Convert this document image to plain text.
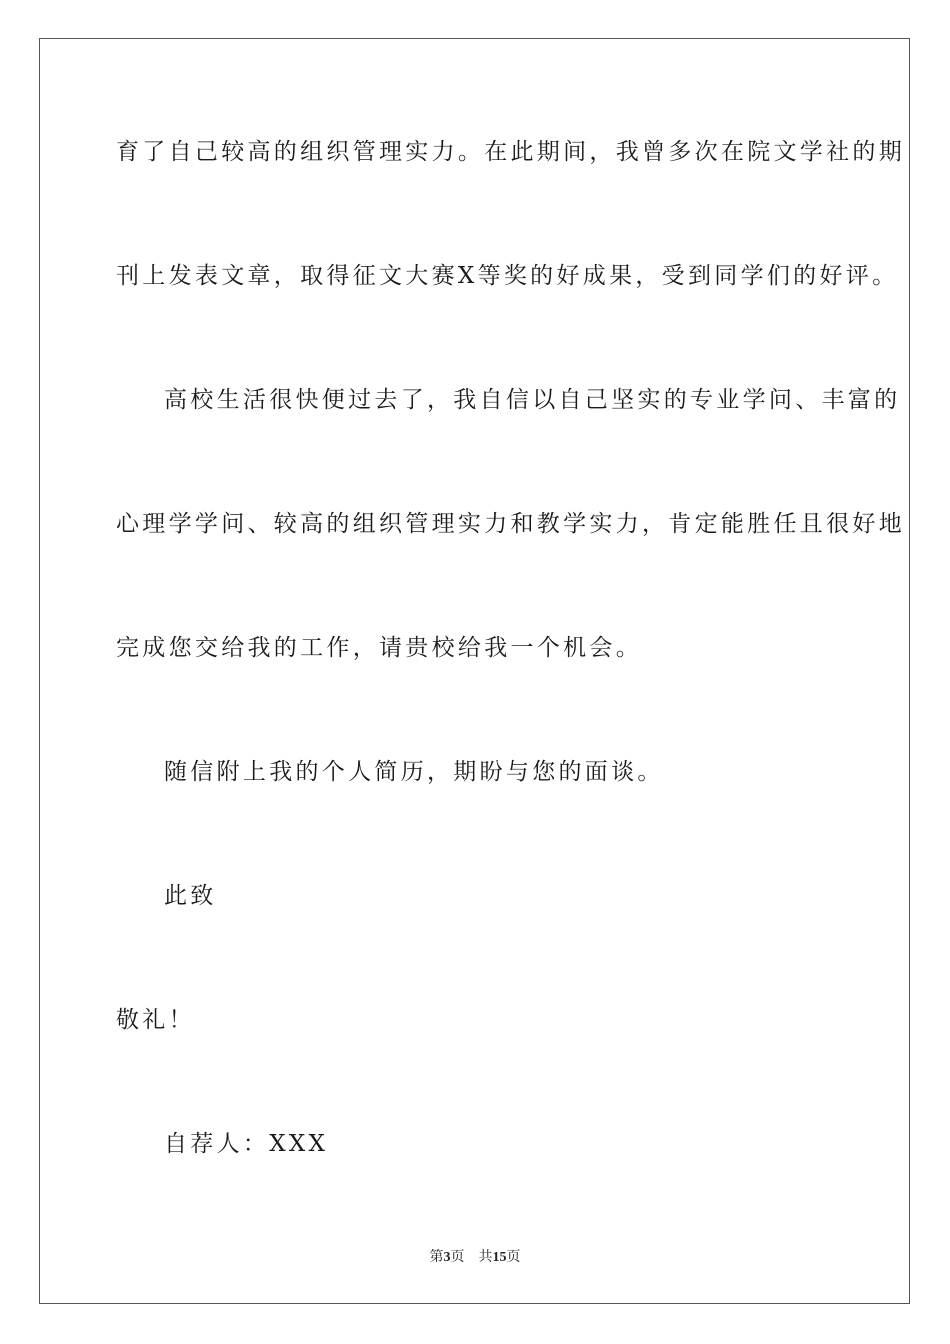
育了自己较高的组织管理实力。在此期间，我曾多次在院文学社的期
刊上发表文章，取得征文大赛X等奖的好成果，受到同学们的好评。
高校生活很快便过去了，我自信以自己坚实的专业学问、丰富的
心理学学问、较高的组织管理实力和教学实力，肯定能胜任且很好地
完成您交给我的工作，请贵校给我一个机会。
随信附上我的个人简历，期盼与您的面谈。
此致
敬礼！
自荐人：XXX
第3页 共15页
